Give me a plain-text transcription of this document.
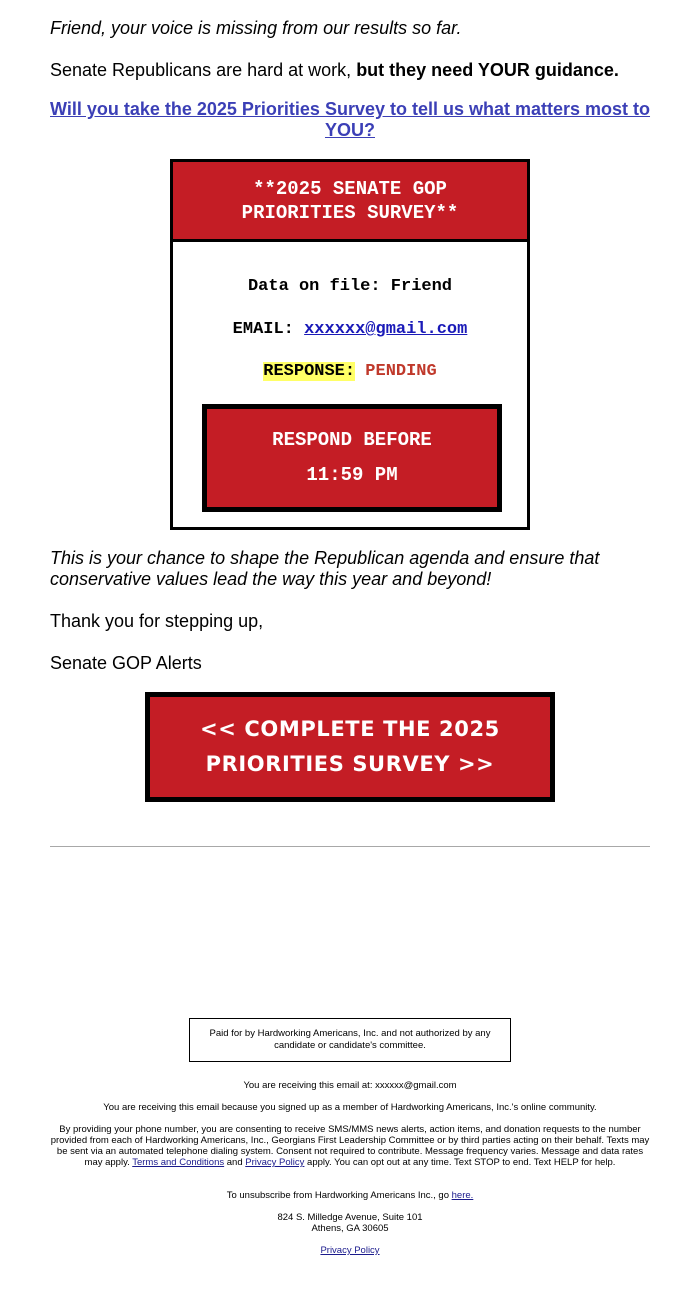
Friend, your voice is missing from our results so far.

Senate Republicans are hard at work, but they need YOUR guidance.

Will you take the 2025 Priorities Survey to tell us what matters most to YOU?
**2025 SENATE GOP PRIORITIES SURVEY**
Data on file: Friend
EMAIL: xxxxxx@gmail.com
RESPONSE: PENDING
RESPOND BEFORE
11:59 PM

This is your chance to shape the Republican agenda and ensure that conservative values lead the way this year and beyond!

Thank you for stepping up,

Senate GOP Alerts

<< COMPLETE THE 2025 PRIORITIES SURVEY >>
Paid for by Hardworking Americans, Inc. and not authorized by any candidate or candidate's committee.

You are receiving this email at: xxxxxx@gmail.com

You are receiving this email because you signed up as a member of Hardworking Americans, Inc.'s online community.

By providing your phone number, you are consenting to receive SMS/MMS news alerts, action items, and donation requests to the number provided from each of Hardworking Americans, Inc., Georgians First Leadership Committee or by third parties acting on their behalf. Texts may be sent via an automated telephone dialing system. Consent not required to contribute. Message frequency varies. Message and data rates may apply. Terms and Conditions and Privacy Policy apply. You can opt out at any time. Text STOP to end. Text HELP for help.

To unsubscribe from Hardworking Americans Inc., go here.

824 S. Milledge Avenue, Suite 101

Athens, GA 30605

Privacy Policy
